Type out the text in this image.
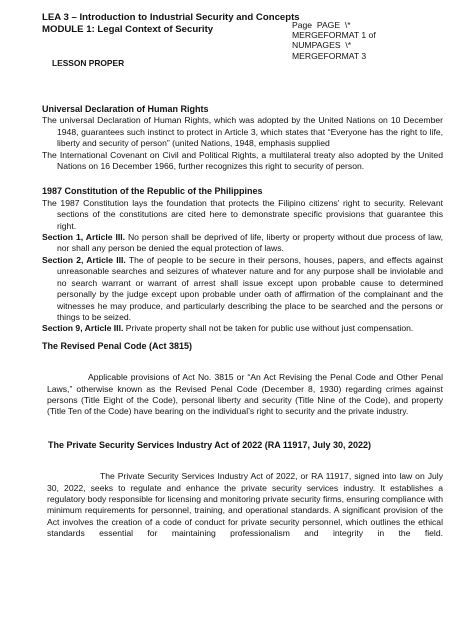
LEA 3 – Introduction to Industrial Security and Concepts
MODULE 1: Legal Context of Security	Page  PAGE  \*
MERGEFORMAT 1 of
NUMPAGES  \*
MERGEFORMAT 3
LESSON PROPER

Universal Declaration of Human Rights

The universal Declaration of Human Rights, which was adopted by the United Nations on 10 December 1948, guarantees such instinct to protect in Article 3, which states that “Everyone has the right to life, liberty and security of person” (united Nations, 1948, emphasis supplied

The International Covenant on Civil and Political Rights, a multilateral treaty also adopted by the United Nations on 16 December 1966, further recognizes this right to security of person.

1987 Constitution of the Republic of the Philippines

The 1987 Constitution lays the foundation that protects the Filipino citizens' right to security. Relevant sections of the constitutions are cited here to demonstrate specific provisions that guarantee this right.

Section 1, Article III. No person shall be deprived of life, liberty or property without due process of law, nor shall any person be denied the equal protection of laws.

Section 2, Article III. The of people to be secure in their persons, houses, papers, and effects against unreasonable searches and seizures of whatever nature and for any purpose shall be inviolable and no search warrant or warrant of arrest shall issue except upon probable cause to determined personally by the judge except upon probable under oath of affirmation of the complainant and the witnesses he may produce, and particularly describing the place to be searched and the persons or things to be seized.

Section 9, Article III. Private property shall not be taken for public use without just compensation.

The Revised Penal Code (Act 3815)

Applicable provisions of Act No. 3815 or “An Act Revising the Penal Code and Other Penal Laws,” otherwise known as the Revised Penal Code (December 8, 1930) regarding crimes against persons (Title Eight of the Code), personal liberty and security (Title Nine of the Code), and property (Title Ten of the Code) have bearing on the individual’s right to security and the private industry.

The Private Security Services Industry Act of 2022 (RA 11917, July 30, 2022)

The Private Security Services Industry Act of 2022, or RA 11917, signed into law on July 30, 2022, seeks to regulate and enhance the private security services industry. It establishes a regulatory body responsible for licensing and monitoring private security firms, ensuring compliance with minimum requirements for personnel, training, and operational standards. A significant provision of the Act involves the creation of a code of conduct for private security personnel, which outlines the ethical standards essential for maintaining professionalism and integrity in the field.
